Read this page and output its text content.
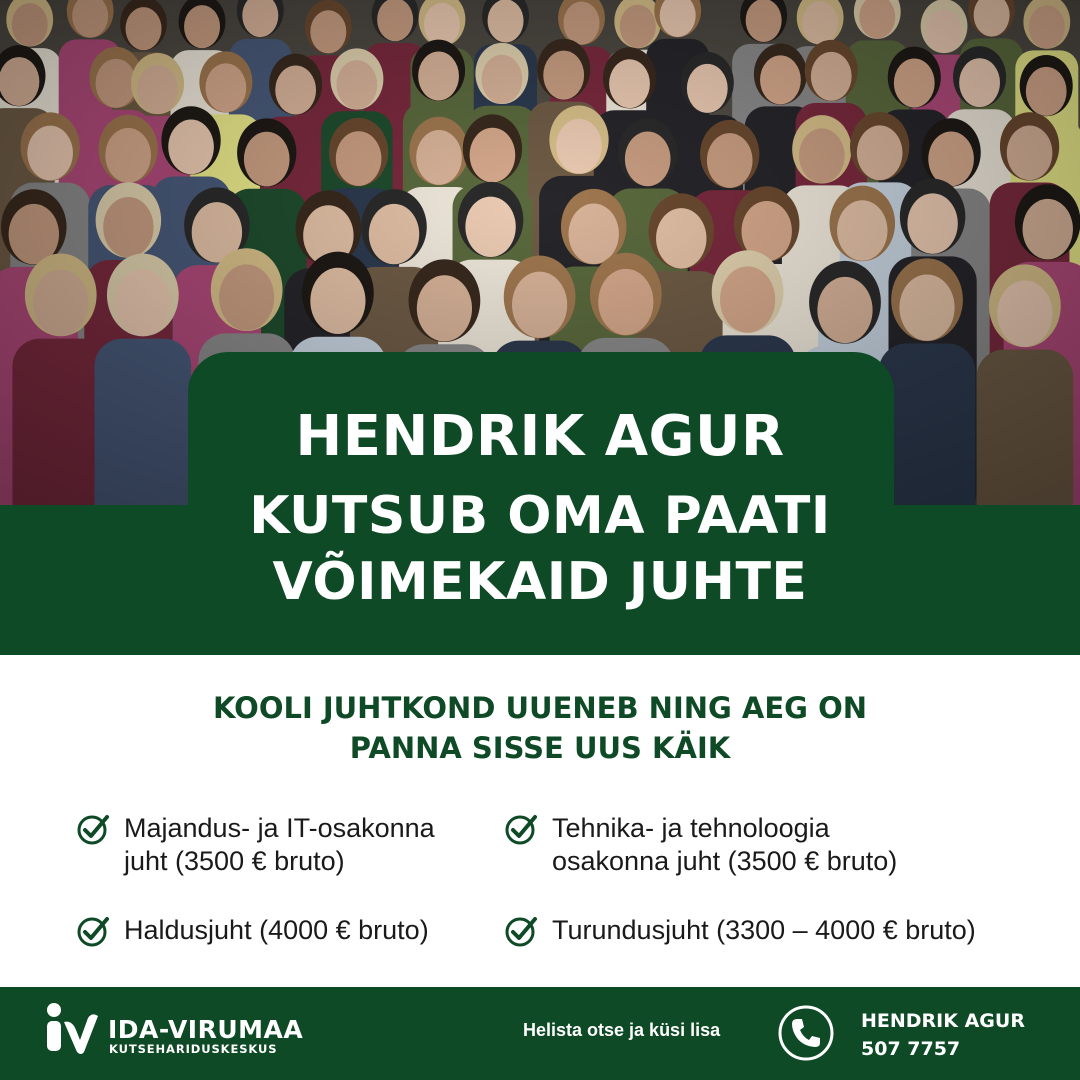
HENDRIK AGUR
KUTSUB OMA PAATI
VÕIMEKAID JUHTE
KOOLI JUHTKOND UUENEB NING AEG ON
PANNA SISSE UUS KÄIK
Majandus- ja IT-osakonna
juht (3500 € bruto)
Tehnika- ja tehnoloogia
osakonna juht (3500 € bruto)
Haldusjuht (4000 € bruto)	Turundusjuht (3300 – 4000 € bruto)
IDA-VIRUMAA
KUTSEHARIDUSKESKUS
Helista otse ja küsi lisa	HENDRIK AGUR
507 7757
